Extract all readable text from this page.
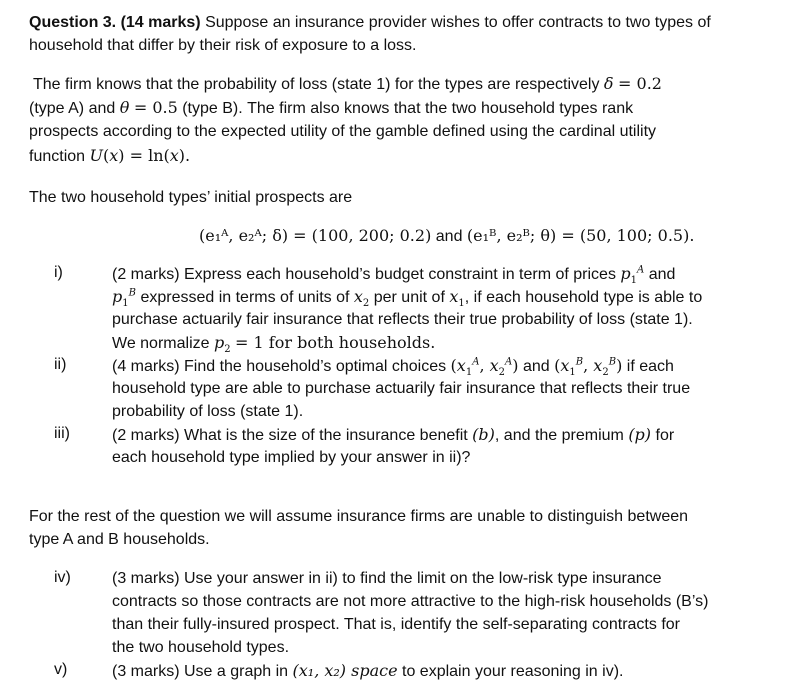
Question 3. (14 marks) Suppose an insurance provider wishes to offer contracts to two types of
household that differ by their risk of exposure to a loss.
The firm knows that the probability of loss (state 1) for the types are respectively δ = 0.2
(type A) and θ = 0.5 (type B). The firm also knows that the two household types rank
prospects according to the expected utility of the gamble defined using the cardinal utility
function U(x) = ln(x).
The two household types’ initial prospects are
(e₁ᴬ, e₂ᴬ; δ) = (100, 200; 0.2) and (e₁ᴮ, e₂ᴮ; θ) = (50, 100; 0.5).
i)	(2 marks) Express each household’s budget constraint in term of prices $p_1^A$ and
$p_1^B$ expressed in terms of units of $x_2$ per unit of $x_1$, if each household type is able to
purchase actuarily fair insurance that reflects their true probability of loss (state 1).
We normalize $p_2 = 1$ for both households.
ii)	(4 marks) Find the household’s optimal choices ($x_1^A$, $x_2^A$) and ($x_1^B$, $x_2^B$) if each
household type are able to purchase actuarily fair insurance that reflects their true
probability of loss (state 1).
iii)	(2 marks) What is the size of the insurance benefit (b), and the premium (p) for
each household type implied by your answer in ii)?
For the rest of the question we will assume insurance firms are unable to distinguish between
type A and B households.
iv)	(3 marks) Use your answer in ii) to find the limit on the low-risk type insurance
contracts so those contracts are not more attractive to the high-risk households (B’s)
than their fully-insured prospect. That is, identify the self-separating contracts for
the two household types.
v)	(3 marks) Use a graph in (x₁, x₂) space to explain your reasoning in iv).
